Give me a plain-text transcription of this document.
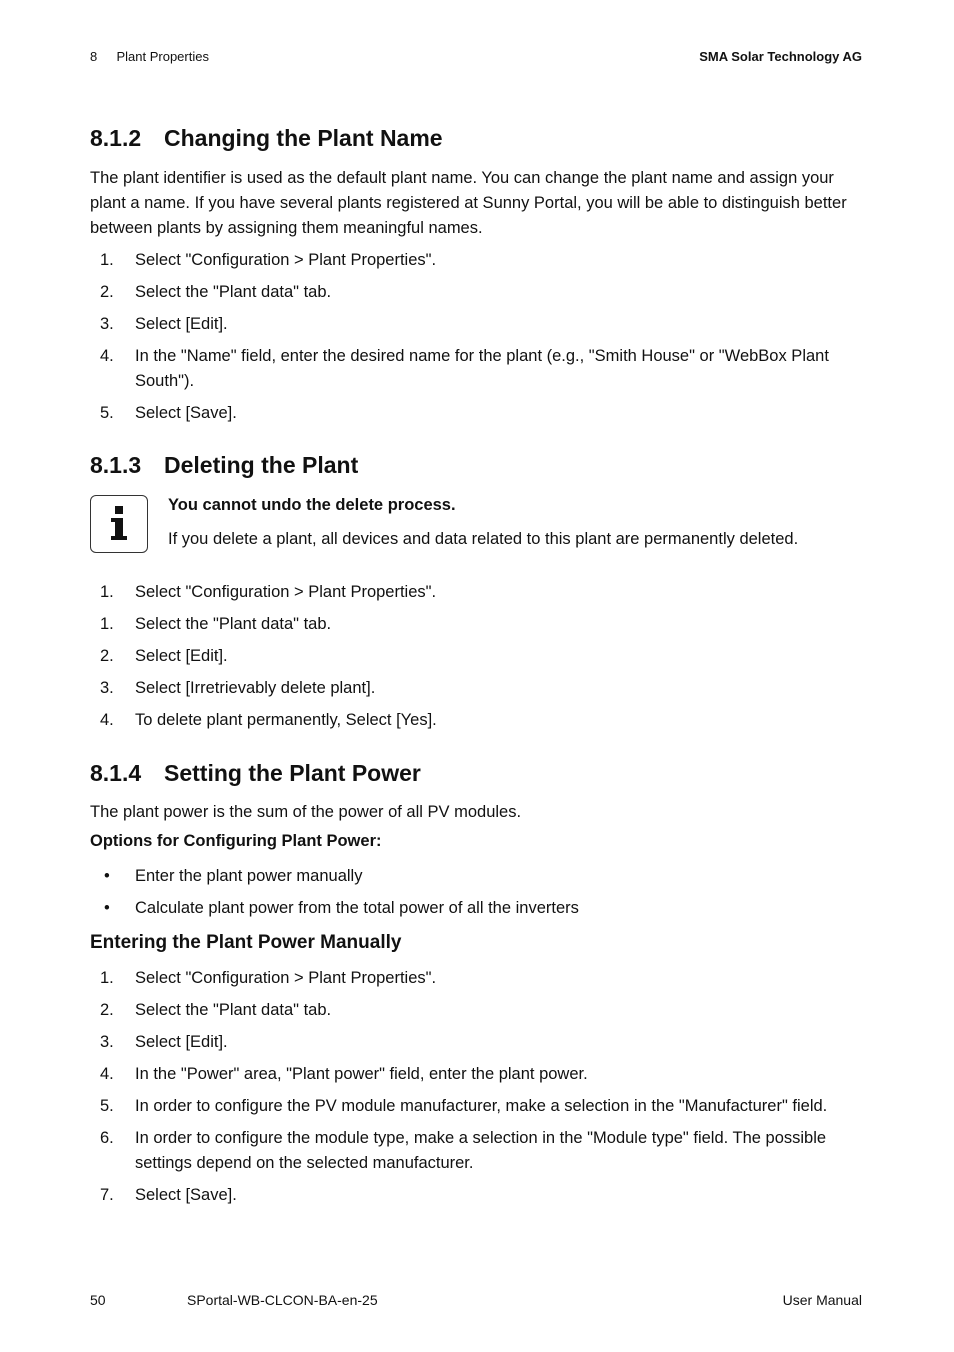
8 Plant Properties	SMA Solar Technology AG
8.1.2 Changing the Plant Name
The plant identifier is used as the default plant name. You can change the plant name and assign your plant a name. If you have several plants registered at Sunny Portal, you will be able to distinguish better between plants by assigning them meaningful names.
1. Select "Configuration > Plant Properties".
2. Select the "Plant data" tab.
3. Select [Edit].
4. In the "Name" field, enter the desired name for the plant (e.g., "Smith House" or "WebBox Plant South").
5. Select [Save].
8.1.3 Deleting the Plant
You cannot undo the delete process.
If you delete a plant, all devices and data related to this plant are permanently deleted.
1. Select "Configuration > Plant Properties".
1. Select the "Plant data" tab.
2. Select [Edit].
3. Select [Irretrievably delete plant].
4. To delete plant permanently, Select [Yes].
8.1.4 Setting the Plant Power
The plant power is the sum of the power of all PV modules.
Options for Configuring Plant Power:
• Enter the plant power manually
• Calculate plant power from the total power of all the inverters
Entering the Plant Power Manually
1. Select "Configuration > Plant Properties".
2. Select the "Plant data" tab.
3. Select [Edit].
4. In the "Power" area, "Plant power" field, enter the plant power.
5. In order to configure the PV module manufacturer, make a selection in the "Manufacturer" field.
6. In order to configure the module type, make a selection in the "Module type" field. The possible settings depend on the selected manufacturer.
7. Select [Save].
50	SPortal-WB-CLCON-BA-en-25	User Manual
